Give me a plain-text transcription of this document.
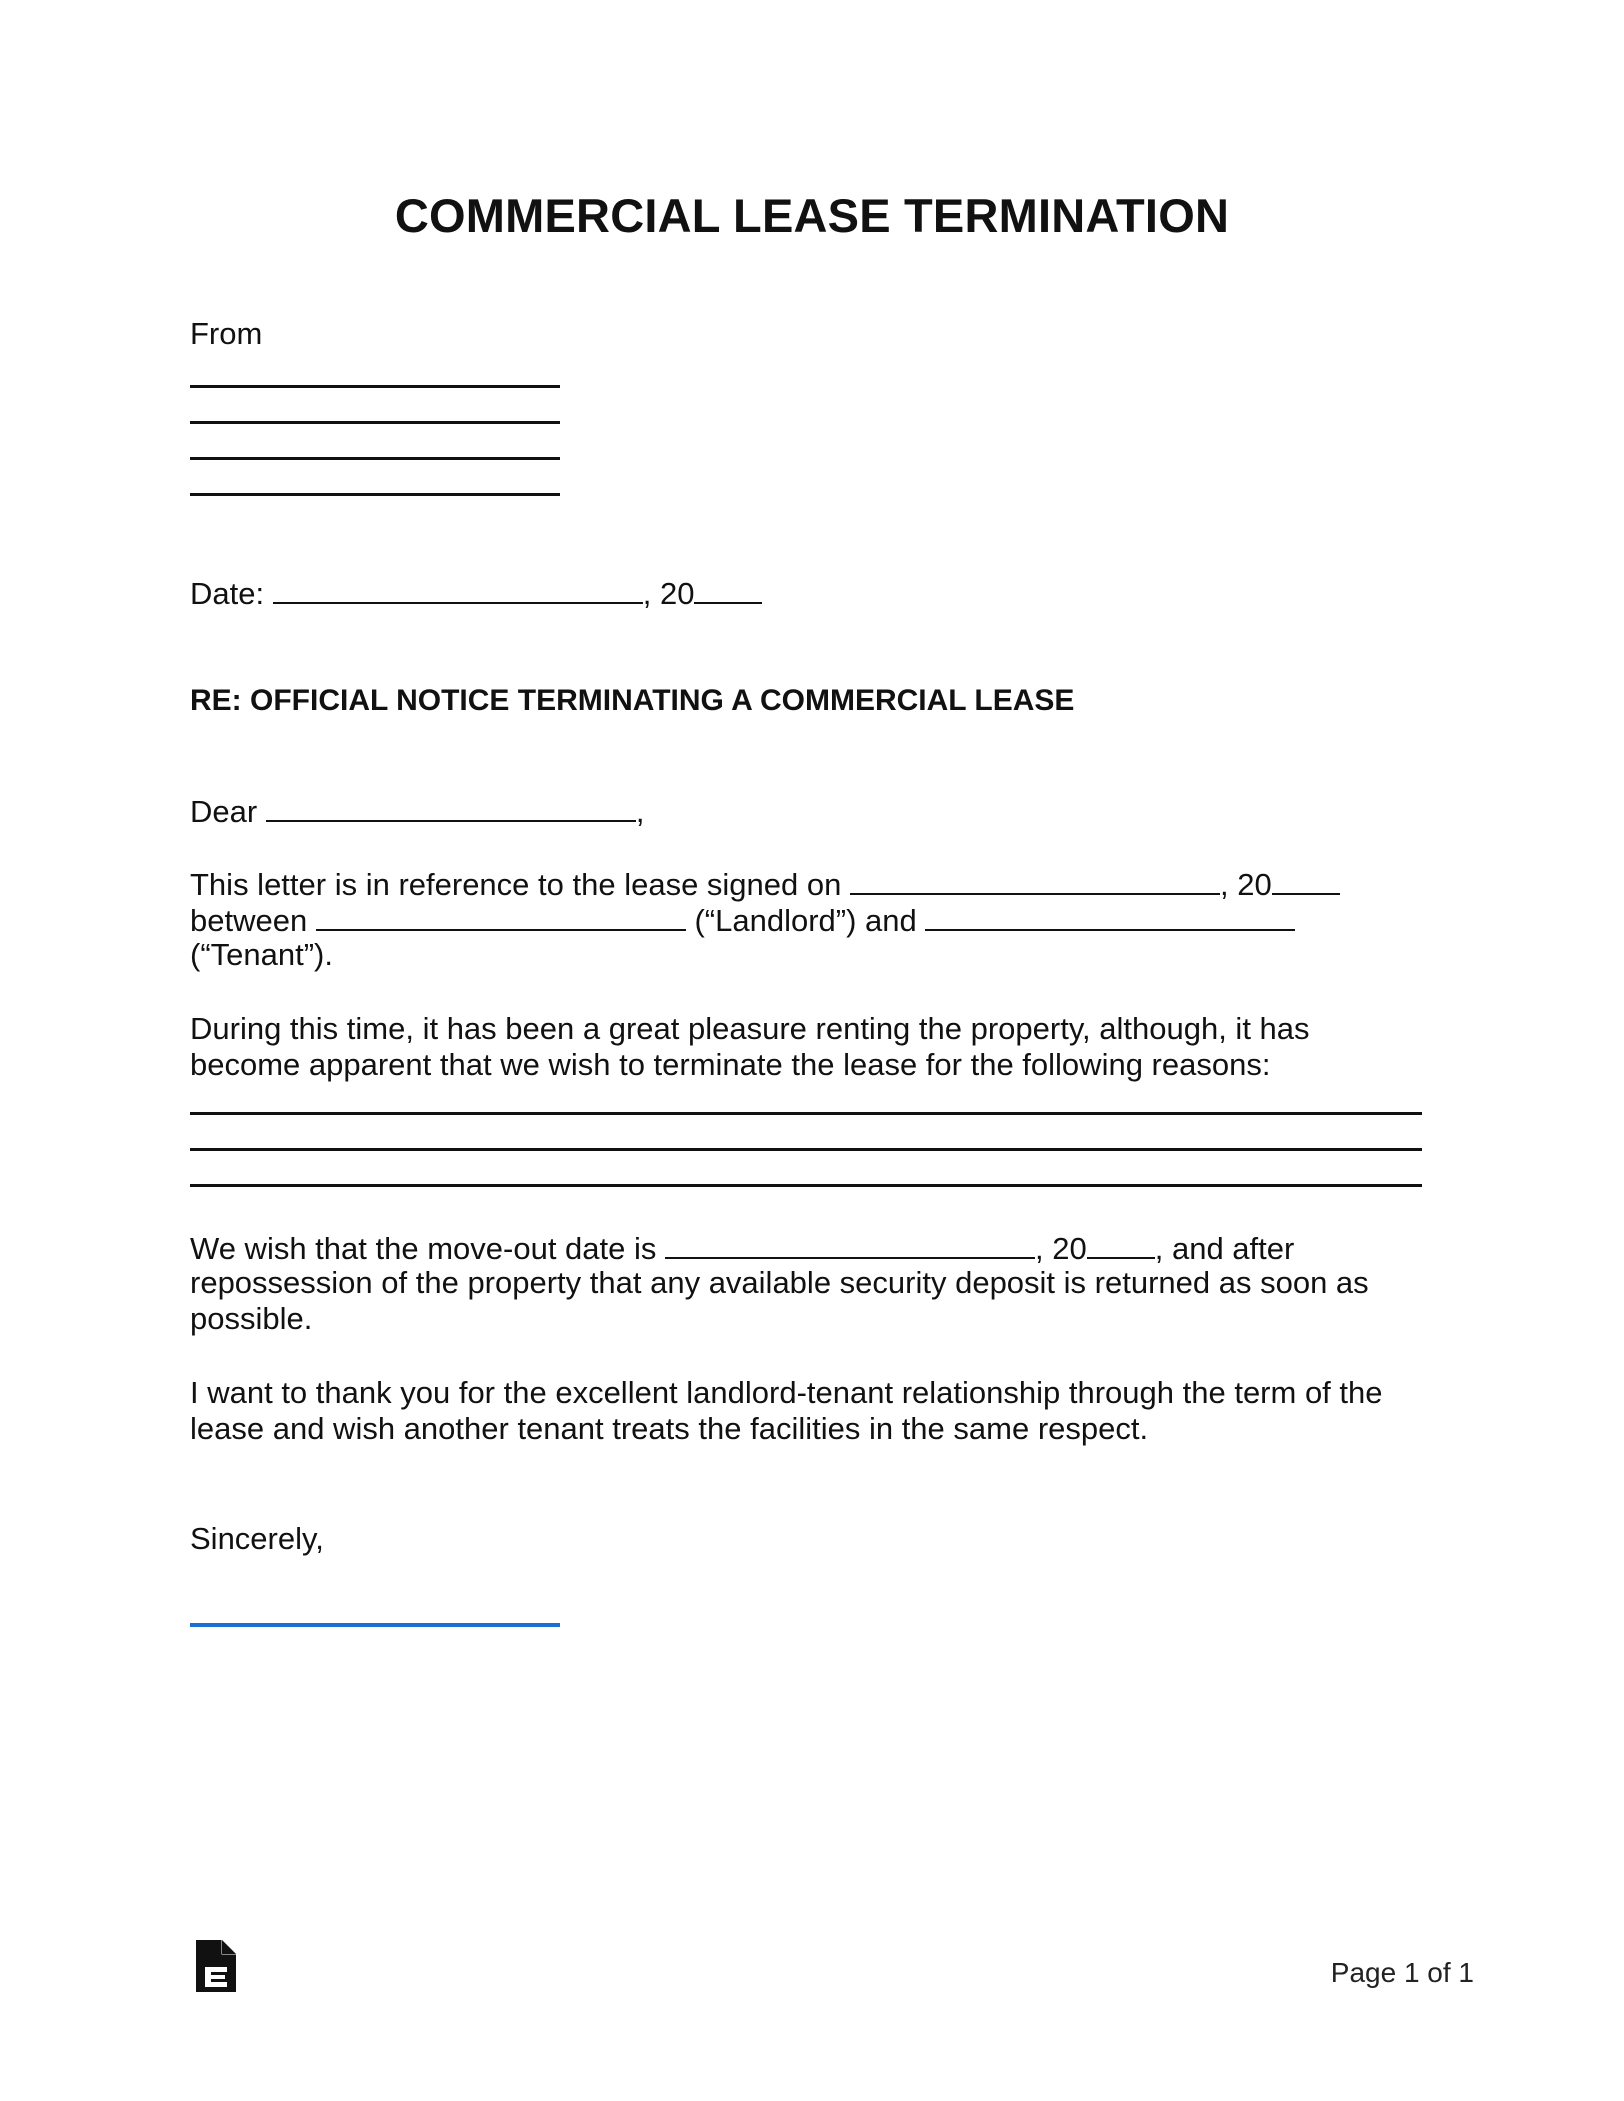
COMMERCIAL LEASE TERMINATION
From
Date:	, 20
RE: OFFICIAL NOTICE TERMINATING A COMMERCIAL LEASE
Dear	,
This letter is in reference to the lease signed on	, 20
between	(“Landlord”) and
(“Tenant”).
During this time, it has been a great pleasure renting the property, although, it has
become apparent that we wish to terminate the lease for the following reasons:
We wish that the move-out date is	, 20 , and after
repossession of the property that any available security deposit is returned as soon as
possible.
I want to thank you for the excellent landlord-tenant relationship through the term of the
lease and wish another tenant treats the facilities in the same respect.
Sincerely,
Page 1 of 1
